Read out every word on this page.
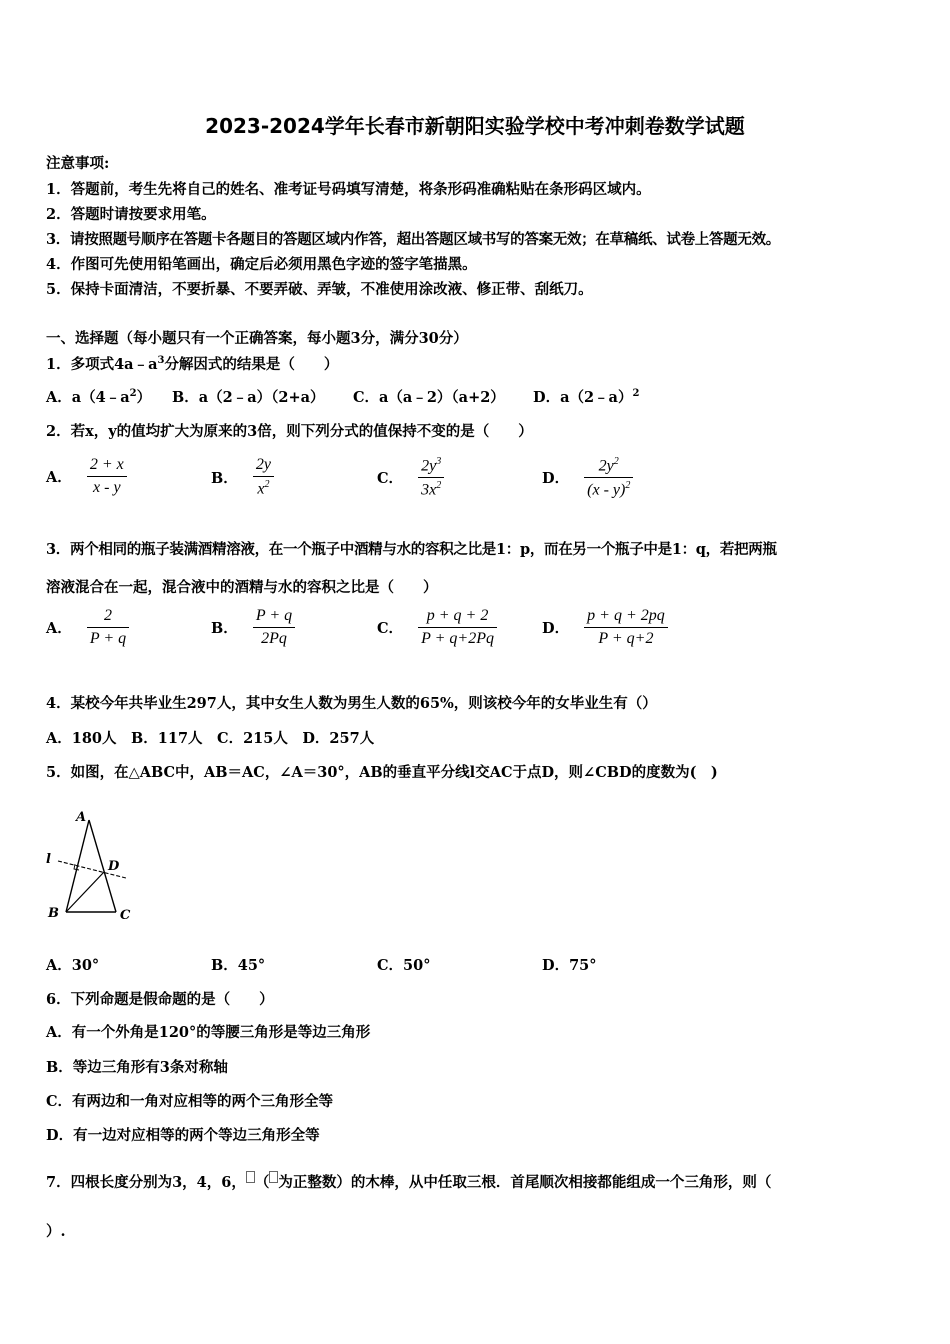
2023-2024学年长春市新朝阳实验学校中考冲刺卷数学试题
注意事项:
1．答题前，考生先将自己的姓名、准考证号码填写清楚，将条形码准确粘贴在条形码区域内。
2．答题时请按要求用笔。
3．请按照题号顺序在答题卡各题目的答题区域内作答，超出答题区域书写的答案无效；在草稿纸、试卷上答题无效。
4．作图可先使用铅笔画出，确定后必须用黑色字迹的签字笔描黑。
5．保持卡面清洁，不要折暴、不要弄破、弄皱，不准使用涂改液、修正带、刮纸刀。
一、选择题（每小题只有一个正确答案，每小题3分，满分30分）
1．多项式$4a﹣a^3$分解因式的结果是（　　）
A．$a(4﹣a^2)$ B．a（2﹣a）（2+a） C．a（a﹣2）（a+2） D．a（2﹣a）$^2$
2．若x，y的值均扩大为原来的3倍，则下列分式的值保持不变的是（　　）
A． $\frac{2 + x}{x - y}$	B． $\frac{2y}{x^2}$	C． $\frac{2y^3}{3x^2}$	D． $\frac{2y^2}{(x - y)^2}$
3．两个相同的瓶子装满酒精溶液，在一个瓶子中酒精与水的容积之比是1：p，而在另一个瓶子中是1：q，若把两瓶
溶液混合在一起，混合液中的酒精与水的容积之比是（　　）
A． $\frac{2}{P + q}$	B． $\frac{P + q}{2Pq}$	C． $\frac{p + q + 2}{P + q+2Pq}$	D． $\frac{p + q + 2pq}{P + q+2}$
4．某校今年共毕业生297人，其中女生人数为男生人数的65%，则该校今年的女毕业生有（）
A．180人　B．117人　C．215人　D．257人
5．如图，在△ABC中，AB＝AC，∠A＝30°，AB的垂直平分线l交AC于点D，则∠CBD的度数为(　)
A
l	D
B	C
A．30°	B．45°	C．50°	D．75°
6．下列命题是假命题的是（　　）
A．有一个外角是120°的等腰三角形是等边三角形
B．等边三角形有3条对称轴
C．有两边和一角对应相等的两个三角形全等
D．有一边对应相等的两个等边三角形全等
7．四根长度分别为3，4，6， （ 为正整数）的木棒，从中任取三根．首尾顺次相接都能组成一个三角形，则（
）.
